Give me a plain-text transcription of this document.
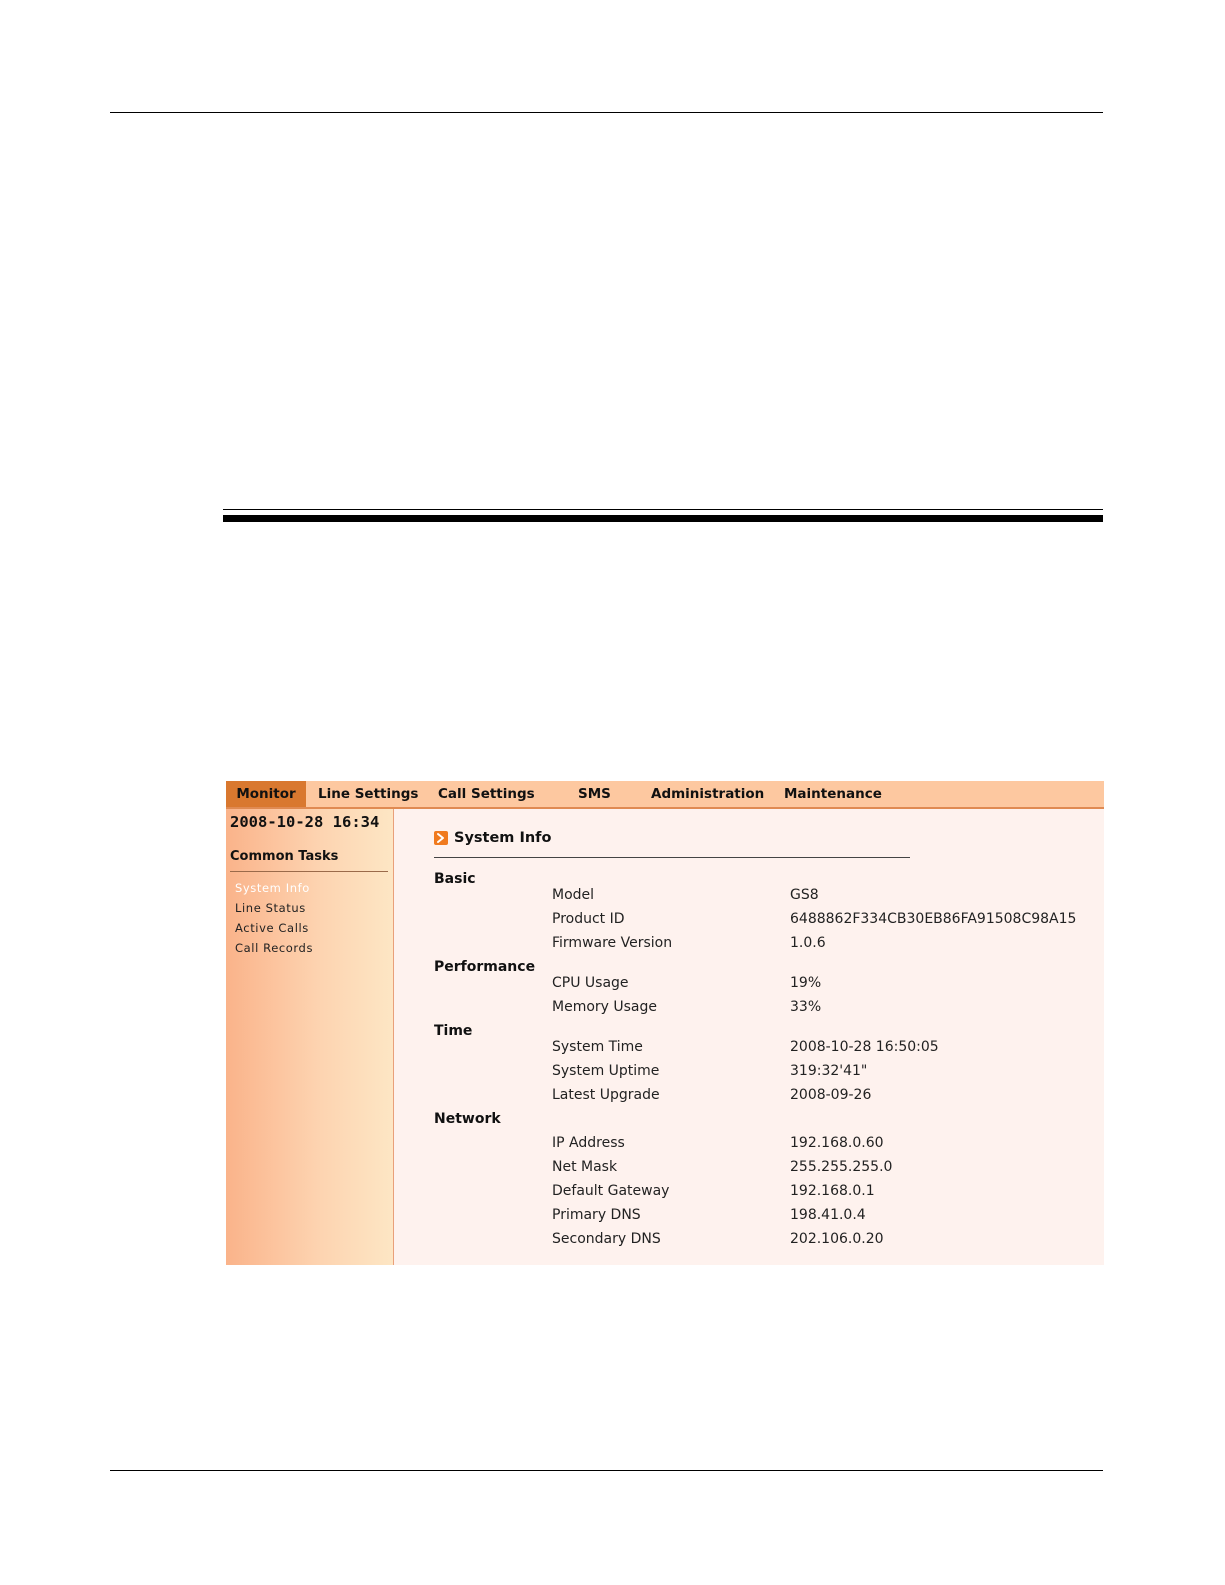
Monitor	Line Settings Call Settings	SMS	Administration Maintenance
2008-10-28 16:34
Common Tasks
System Info
Line Status
Active Calls
Call Records
System Info
Basic
Model	GS8
Product ID	6488862F334CB30EB86FA91508C98A15
Firmware Version	1.0.6
Performance
CPU Usage	19%
Memory Usage	33%
Time
System Time	2008-10-28 16:50:05
System Uptime	319:32'41"
Latest Upgrade	2008-09-26
Network
IP Address	192.168.0.60
Net Mask	255.255.255.0
Default Gateway	192.168.0.1
Primary DNS	198.41.0.4
Secondary DNS	202.106.0.20
